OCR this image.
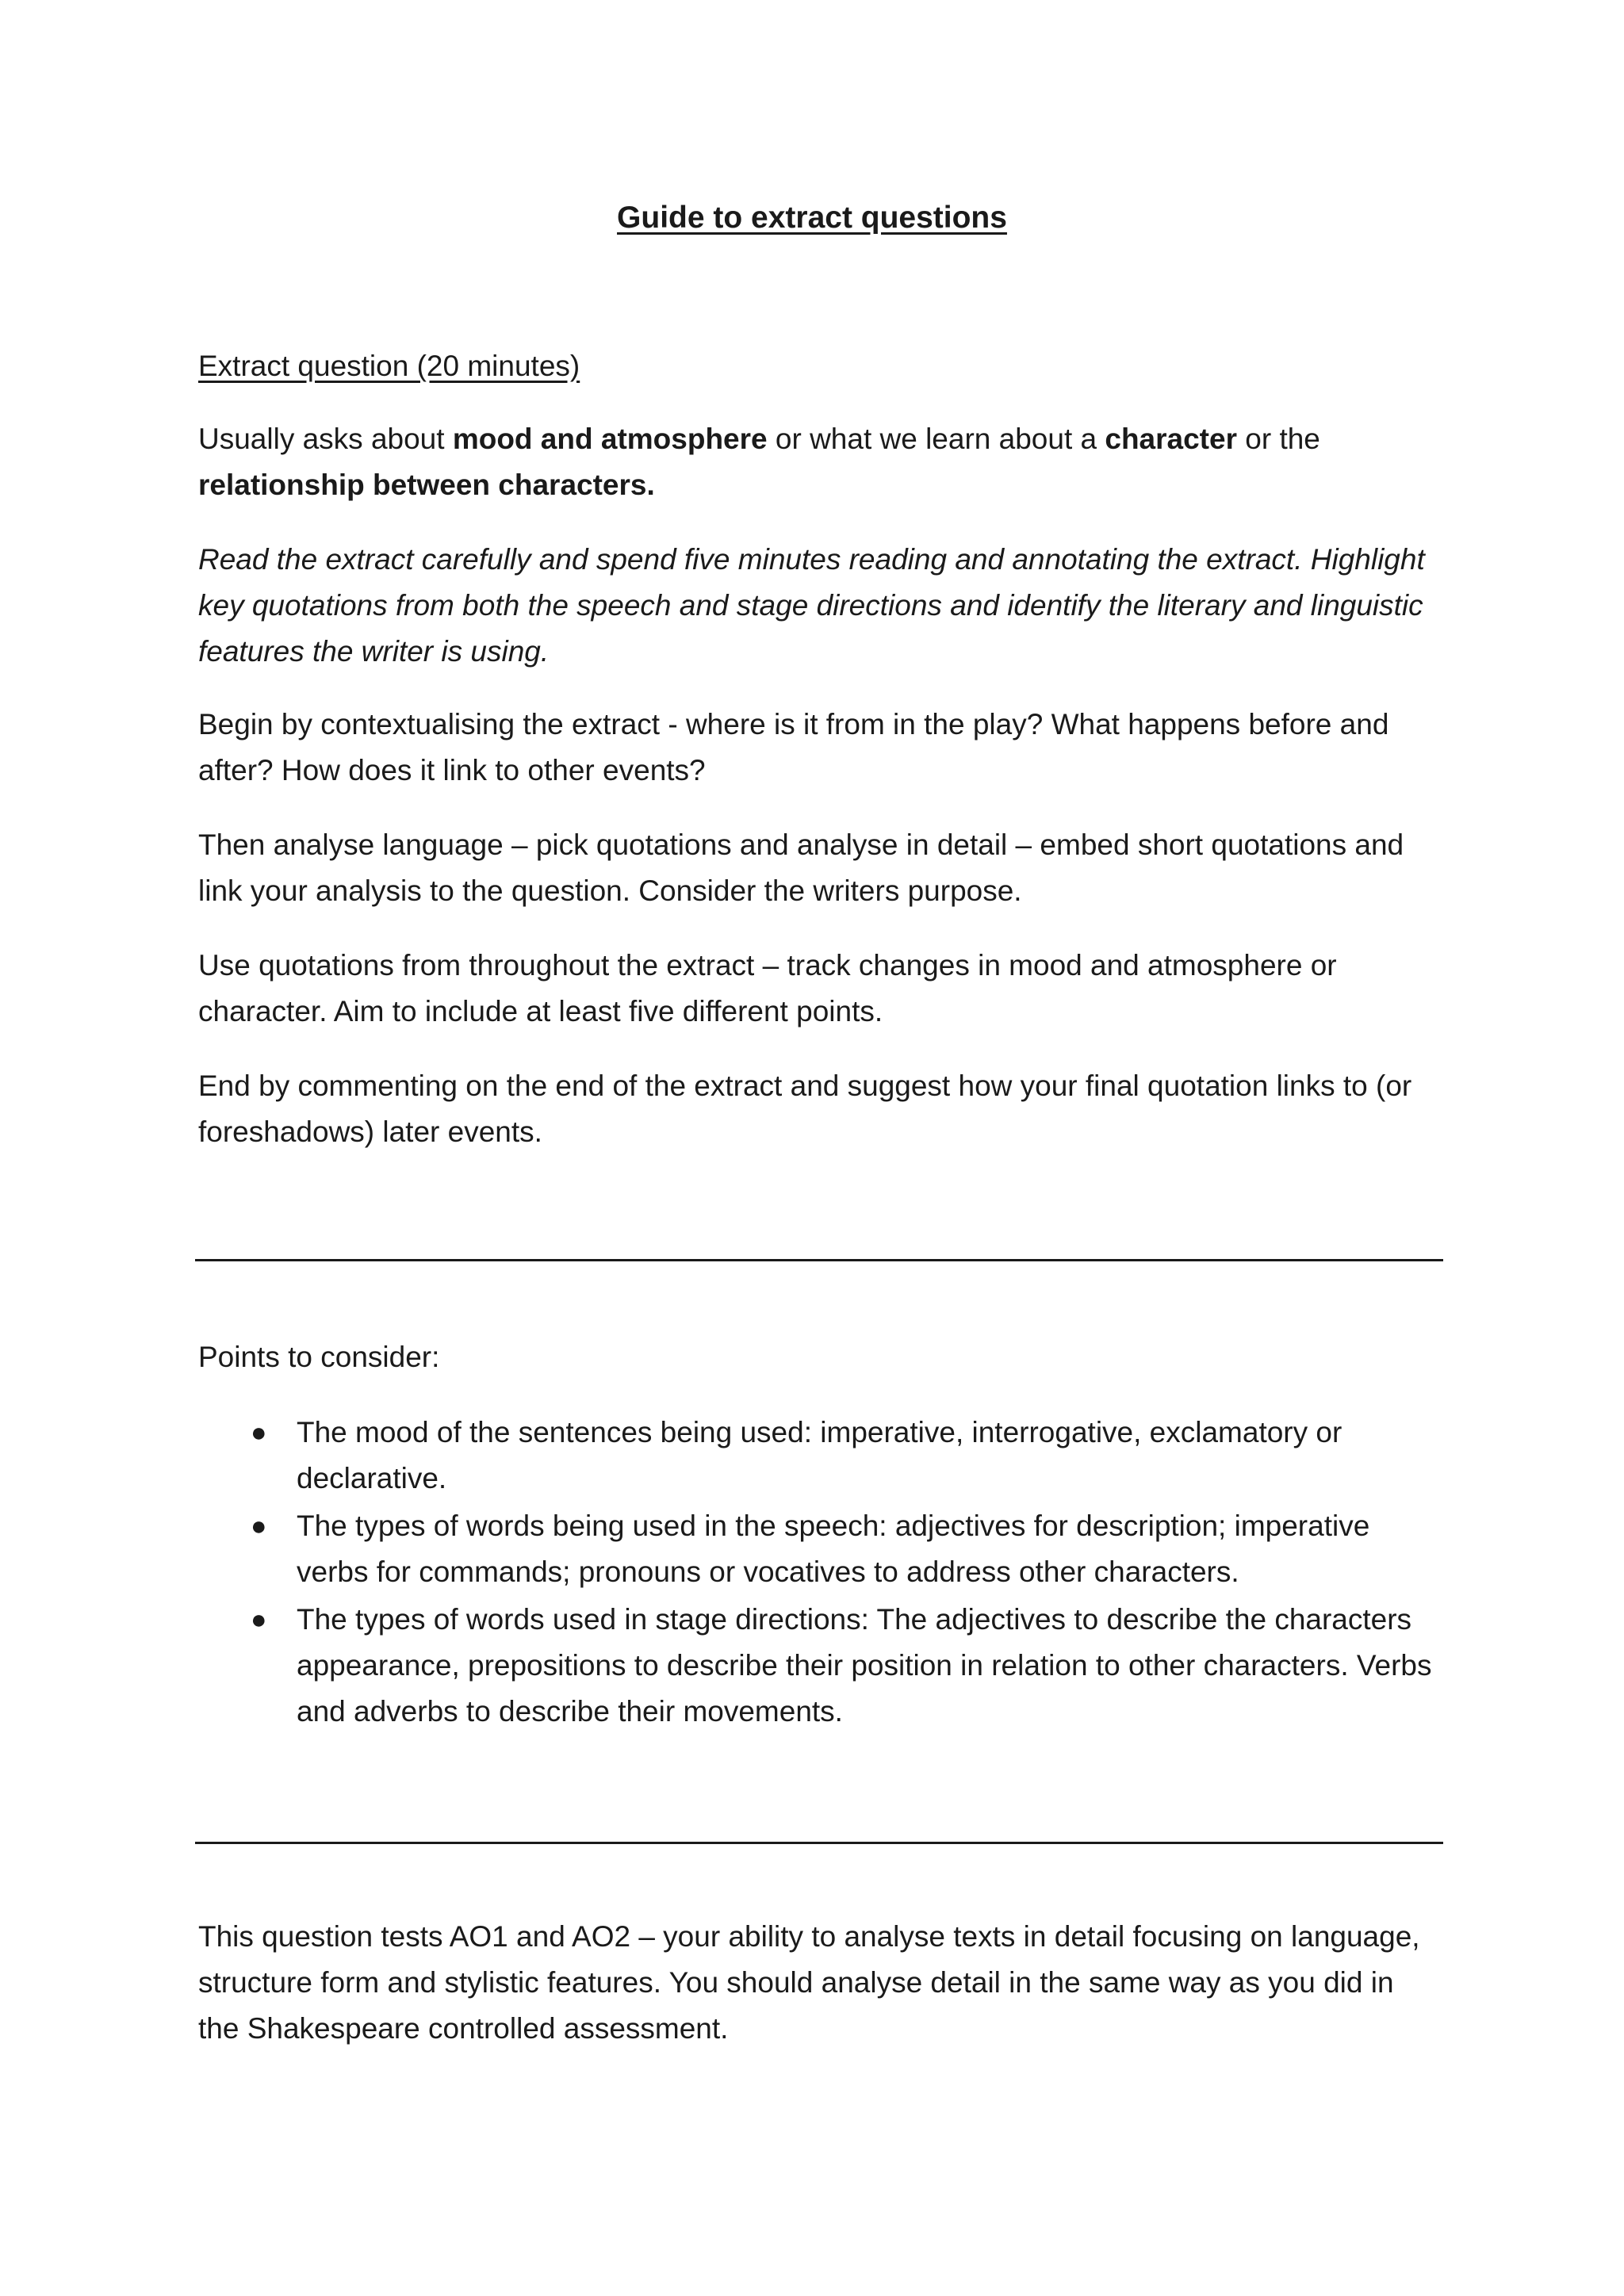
Guide to extract questions

Extract question (20 minutes)

Usually asks about mood and atmosphere or what we learn about a character or the relationship between characters.

Read the extract carefully and spend five minutes reading and annotating the extract. Highlight key quotations from both the speech and stage directions and identify the literary and linguistic features the writer is using.

Begin by contextualising the extract - where is it from in the play? What happens before and after? How does it link to other events?

Then analyse language – pick quotations and analyse in detail – embed short quotations and link your analysis to the question. Consider the writers purpose.

Use quotations from throughout the extract – track changes in mood and atmosphere or character. Aim to include at least five different points.

End by commenting on the end of the extract and suggest how your final quotation links to (or foreshadows) later events.

Points to consider:

● The mood of the sentences being used: imperative, interrogative, exclamatory or declarative.
● The types of words being used in the speech: adjectives for description; imperative verbs for commands; pronouns or vocatives to address other characters.
● The types of words used in stage directions: The adjectives to describe the characters appearance, prepositions to describe their position in relation to other characters. Verbs and adverbs to describe their movements.

This question tests AO1 and AO2 – your ability to analyse texts in detail focusing on language, structure form and stylistic features. You should analyse detail in the same way as you did in the Shakespeare controlled assessment.
